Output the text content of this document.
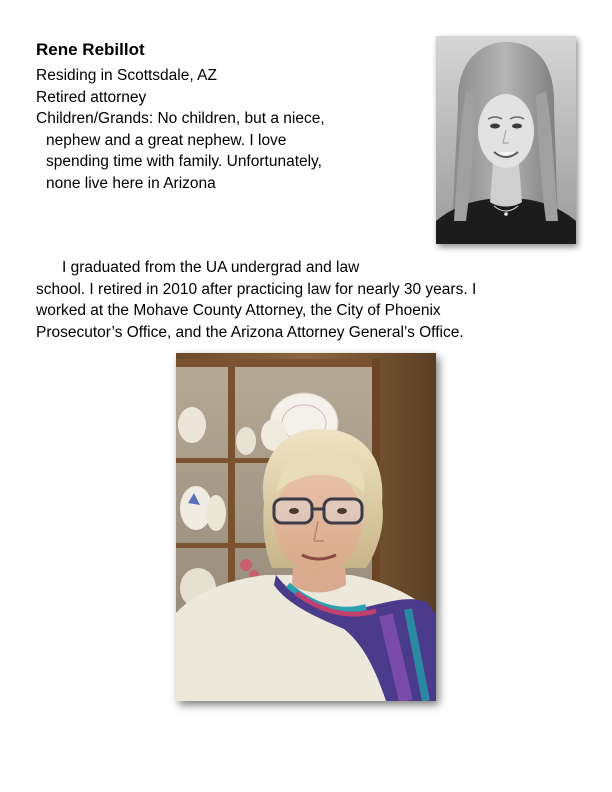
Rene Rebillot
Residing in Scottsdale, AZ
Retired attorney
Children/Grands: No children, but a niece,
nephew and a great nephew. I love
spending time with family. Unfortunately,
none live here in Arizona
I graduated from the UA undergrad and law
school. I retired in 2010 after practicing law for nearly 30 years. I
worked at the Mohave County Attorney, the City of Phoenix
Prosecutor’s Office, and the Arizona Attorney General’s Office.
